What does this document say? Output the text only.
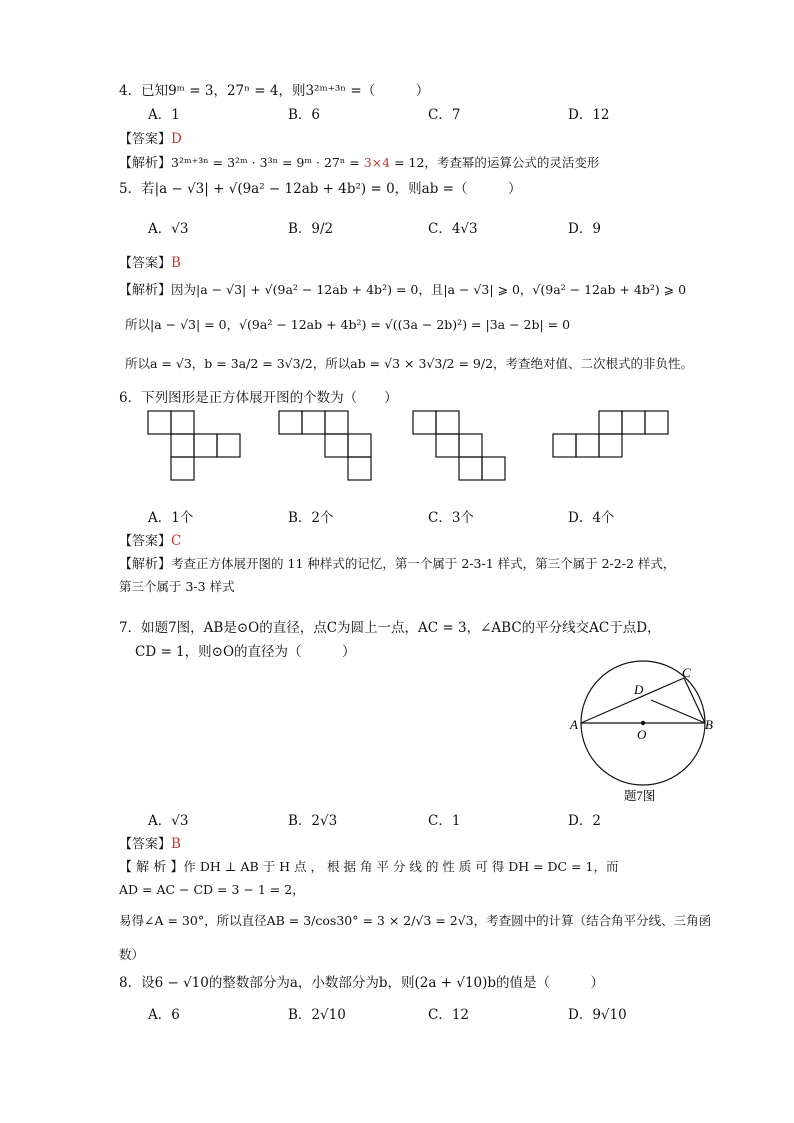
4．已知9ᵐ = 3，27ⁿ = 4，则3²ᵐ⁺³ⁿ =（　　　）
A．1	B．6	C．7	D．12
【答案】D
【解析】3²ᵐ⁺³ⁿ = 3²ᵐ · 3³ⁿ = 9ᵐ · 27ⁿ = 3×4 = 12，考查幂的运算公式的灵活变形
5．若|a − √3| + √(9a² − 12ab + 4b²) = 0，则ab =（　　　）
A．√3	B．9/2	C．4√3	D．9
【答案】B
【解析】因为|a − √3| + √(9a² − 12ab + 4b²) = 0，且|a − √3| ⩾ 0，√(9a² − 12ab + 4b²) ⩾ 0
所以|a − √3| = 0，√(9a² − 12ab + 4b²) = √((3a − 2b)²) = |3a − 2b| = 0
所以a = √3，b = 3a/2 = 3√3/2，所以ab = √3 × 3√3/2 = 9/2，考查绝对值、二次根式的非负性。
6．下列图形是正方体展开图的个数为（　　）
A．1个	B．2个	C．3个	D．4个
【答案】C
【解析】考查正方体展开图的 11 种样式的记忆，第一个属于 2-3-1 样式，第三个属于 2-2-2 样式，
第三个属于 3-3 样式
7．如题7图，AB是⊙O的直径，点C为圆上一点，AC = 3，∠ABC的平分线交AC于点D，
CD = 1，则⊙O的直径为（　　　）
A	B
C
D
O
题7图
A．√3	B．2√3	C．1	D．2
【答案】B
【 解 析 】作 DH ⊥ AB 于 H 点 ， 根 据 角 平 分 线 的 性 质 可 得 DH = DC = 1，而
AD = AC − CD = 3 − 1 = 2，
易得∠A = 30°，所以直径AB = 3/cos30° = 3 × 2/√3 = 2√3，考查圆中的计算（结合角平分线、三角函
数）
8．设6 − √10的整数部分为a，小数部分为b，则(2a + √10)b的值是（　　　）
A．6	B．2√10	C．12	D．9√10
